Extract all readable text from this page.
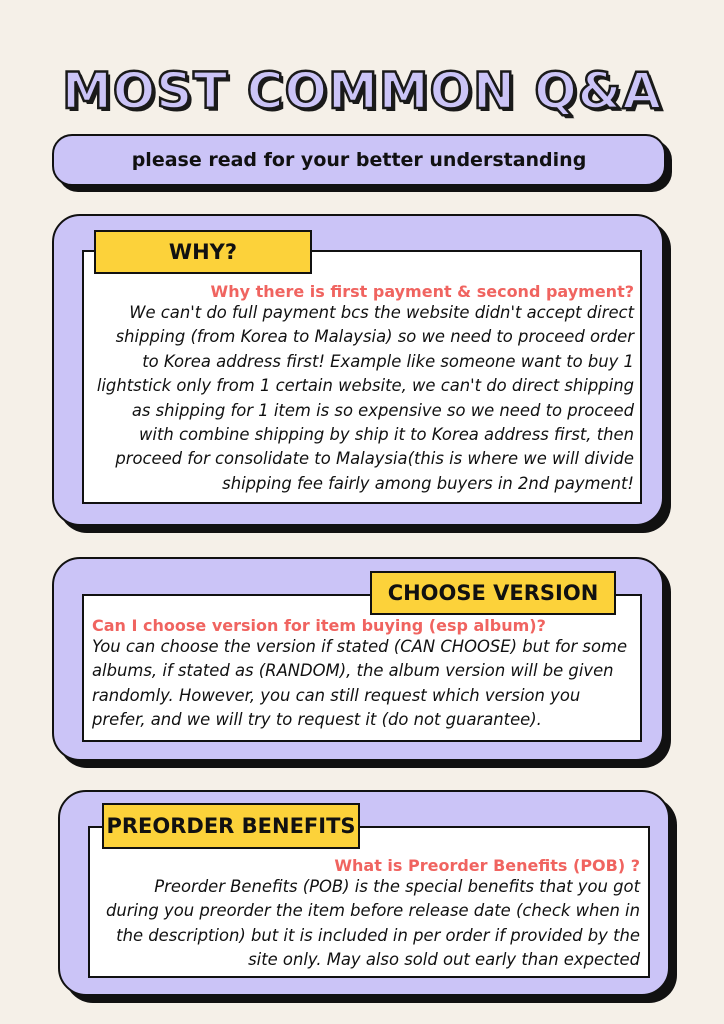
MOST COMMON Q&A
please read for your better understanding
Why there is first payment & second payment?
We can't do full payment bcs the website didn't accept direct shipping (from Korea to Malaysia) so we need to proceed order to Korea address first! Example like someone want to buy 1 lightstick only from 1 certain website, we can't do direct shipping as shipping for 1 item is so expensive so we need to proceed with combine shipping by ship it to Korea address first, then proceed for consolidate to Malaysia(this is where we will divide shipping fee fairly among buyers in 2nd payment!
WHY?
Can I choose version for item buying (esp album)?
You can choose the version if stated (CAN CHOOSE) but for some albums, if stated as (RANDOM), the album version will be given randomly. However, you can still request which version you prefer, and we will try to request it (do not guarantee).
CHOOSE VERSION
What is Preorder Benefits (POB) ?
Preorder Benefits (POB) is the special benefits that you got during you preorder the item before release date (check when in the description) but it is included in per order if provided by the site only. May also sold out early than expected
PREORDER BENEFITS
